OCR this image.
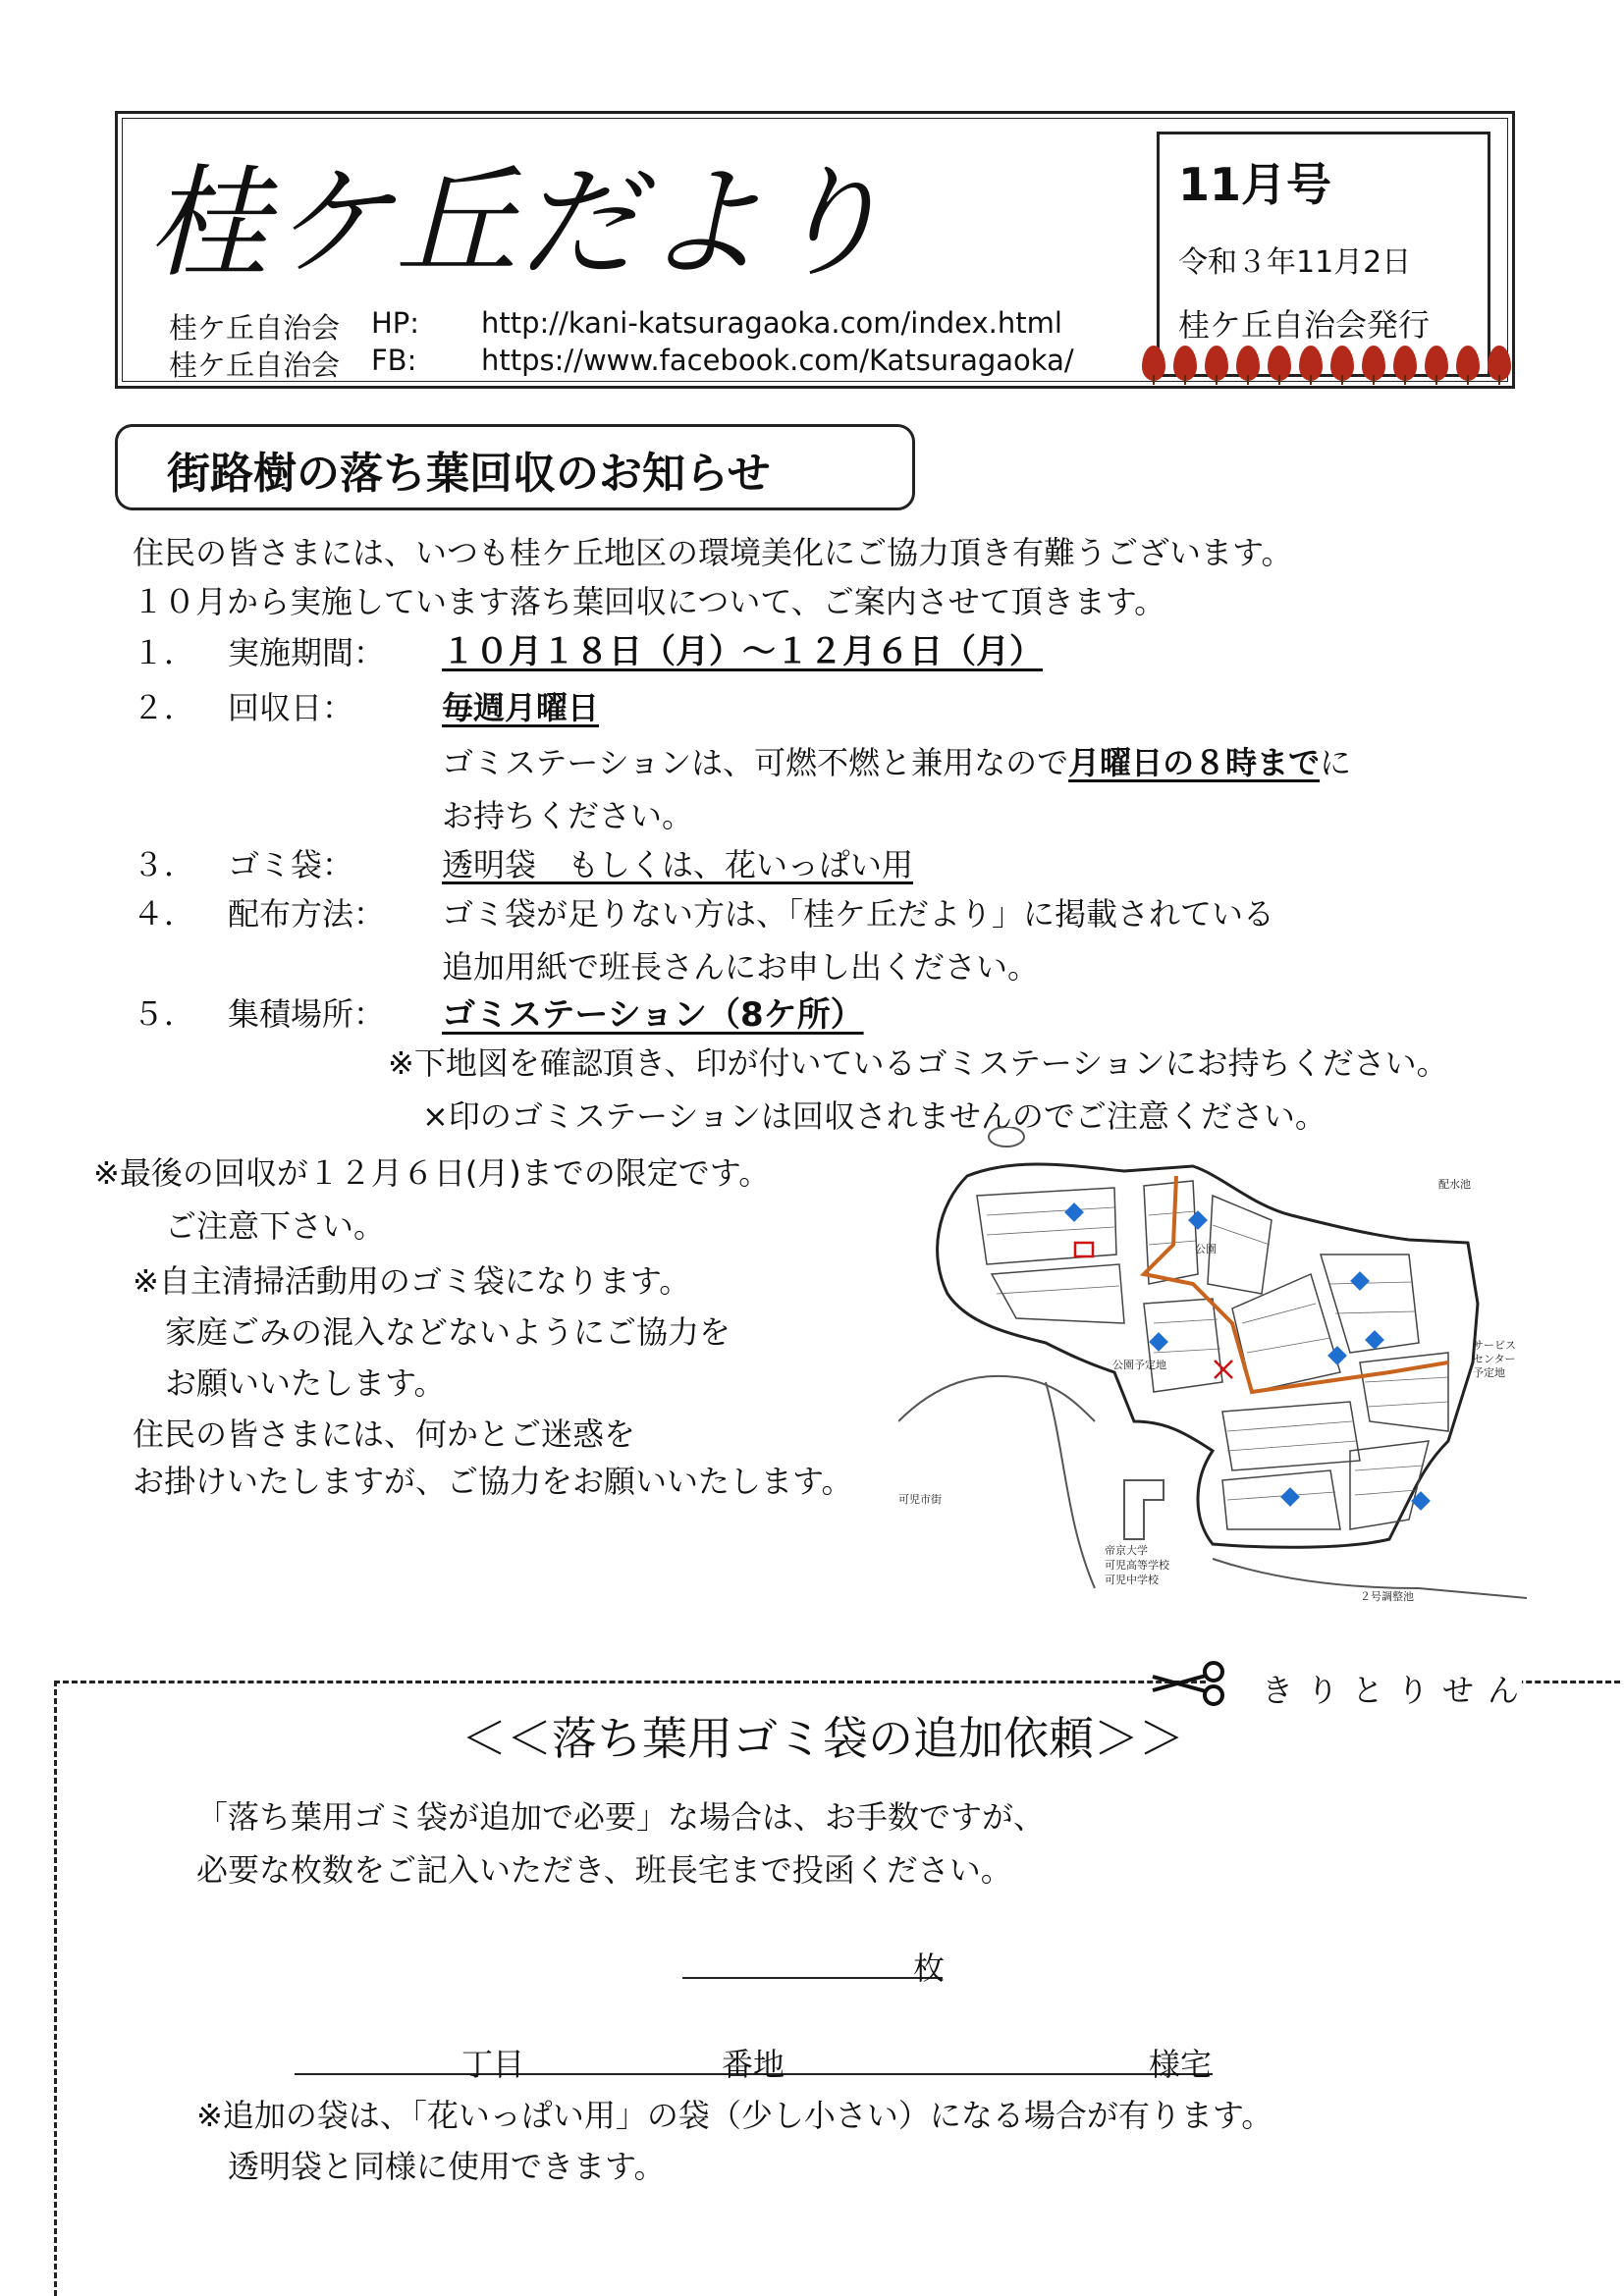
桂ケ丘だより
桂ケ丘自治会 HP: http://kani-katsuragaoka.com/index.html
桂ケ丘自治会 FB: https://www.facebook.com/Katsuragaoka/
11月号
令和３年11月2日
桂ケ丘自治会発行
街路樹の落ち葉回収のお知らせ
住民の皆さまには、いつも桂ケ丘地区の環境美化にご協力頂き有難うございます。
１０月から実施しています落ち葉回収について、ご案内させて頂きます。
１． 実施期間： １０月１８日（月）～１２月６日（月）
２． 回収日：	毎週月曜日
ゴミステーションは、可燃不燃と兼用なので月曜日の８時までに
お持ちください。
３． ゴミ袋：	透明袋　もしくは、花いっぱい用
４． 配布方法： ゴミ袋が足りない方は、「桂ケ丘だより」に掲載されている
追加用紙で班長さんにお申し出ください。
５． 集積場所： ゴミステーション（8ケ所）
※下地図を確認頂き、印が付いているゴミステーションにお持ちください。
×印のゴミステーションは回収されませんのでご注意ください。
※最後の回収が１２月６日(月)までの限定です。
ご注意下さい。
※自主清掃活動用のゴミ袋になります。
家庭ごみの混入などないようにご協力を
お願いいたします。
住民の皆さまには、何かとご迷惑を
お掛けいたしますが、ご協力をお願いいたします。
公園
公園予定地
可児市街
帝京大学
可児高等学校
可児中学校
２号調整池
配水池
サービス
センター
予定地
きりとりせん
＜＜落ち葉用ゴミ袋の追加依頼＞＞
「落ち葉用ゴミ袋が追加で必要」な場合は、お手数ですが、
必要な枚数をご記入いただき、班長宅まで投函ください。
枚
丁目	番地	様宅
※追加の袋は、「花いっぱい用」の袋（少し小さい）になる場合が有ります。
透明袋と同様に使用できます。
